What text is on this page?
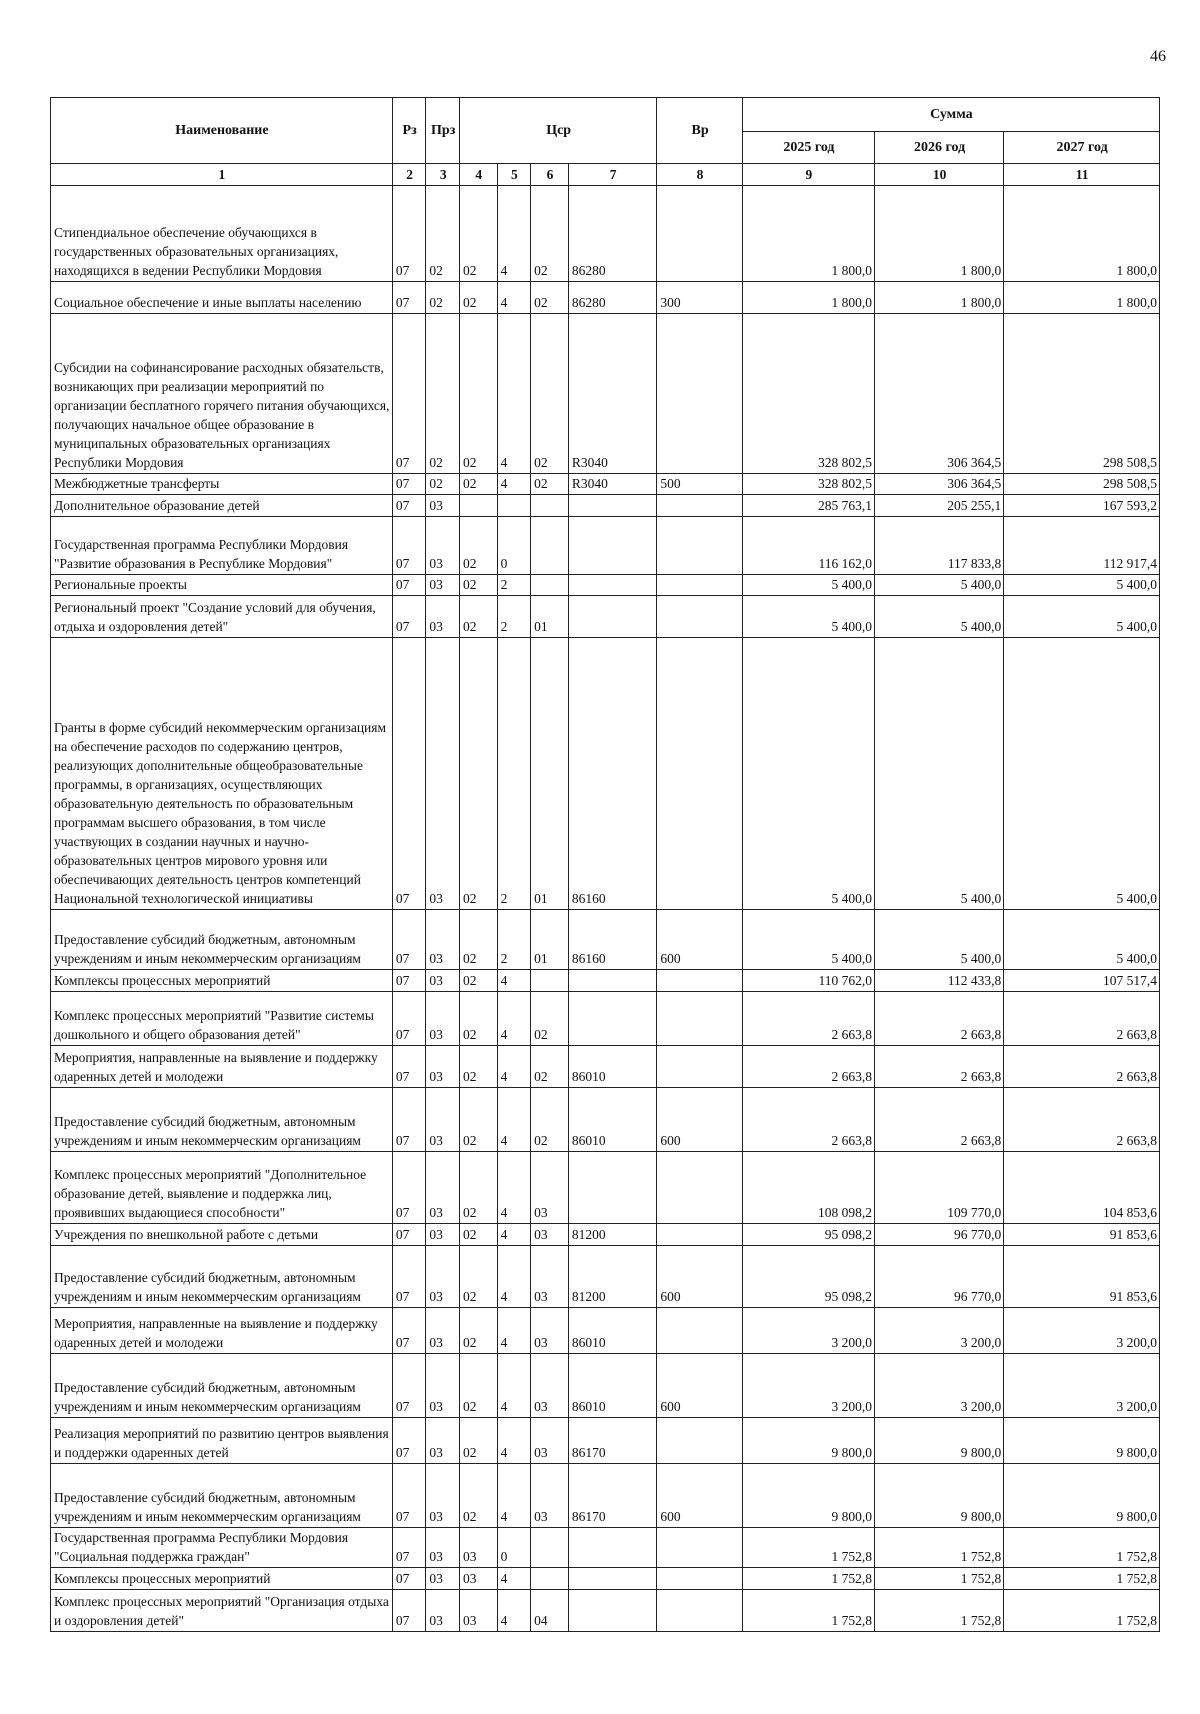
46
Наименование	Рз	Прз	Цср				Вр	Сумма		
								2025 год	2026 год	2027 год
1	2	3	4	5	6	7	8	9	10	11
Стипендиальное обеспечение обучающихся в государственных образовательных организациях, находящихся в ведении Республики Мордовия	07	02	02	4	02	86280		1 800,0	1 800,0	1 800,0
Социальное обеспечение и иные выплаты населению	07	02	02	4	02	86280	300	1 800,0	1 800,0	1 800,0
Субсидии на софинансирование расходных обязательств, возникающих при реализации мероприятий по организации бесплатного горячего питания обучающихся, получающих начальное общее образование в муниципальных образовательных организациях Республики Мордовия	07	02	02	4	02	R3040		328 802,5	306 364,5	298 508,5
Межбюджетные трансферты	07	02	02	4	02	R3040	500	328 802,5	306 364,5	298 508,5
Дополнительное образование детей	07	03						285 763,1	205 255,1	167 593,2
Государственная программа Республики Мордовия "Развитие образования в Республике Мордовия"	07	03	02	0				116 162,0	117 833,8	112 917,4
Региональные проекты	07	03	02	2				5 400,0	5 400,0	5 400,0
Региональный проект "Создание условий для обучения, отдыха и оздоровления детей"	07	03	02	2	01			5 400,0	5 400,0	5 400,0
Гранты в форме субсидий некоммерческим организациям на обеспечение расходов по содержанию центров, реализующих дополнительные общеобразовательные программы, в организациях, осуществляющих образовательную деятельность по образовательным программам высшего образования, в том числе участвующих в создании научных и научно-образовательных центров мирового уровня или обеспечивающих деятельность центров компетенций Национальной технологической инициативы	07	03	02	2	01	86160		5 400,0	5 400,0	5 400,0
Предоставление субсидий бюджетным, автономным учреждениям и иным некоммерческим организациям	07	03	02	2	01	86160	600	5 400,0	5 400,0	5 400,0
Комплексы процессных мероприятий	07	03	02	4				110 762,0	112 433,8	107 517,4
Комплекс процессных мероприятий "Развитие системы дошкольного и общего образования детей"	07	03	02	4	02			2 663,8	2 663,8	2 663,8
Мероприятия, направленные на выявление и поддержку одаренных детей и молодежи	07	03	02	4	02	86010		2 663,8	2 663,8	2 663,8
Предоставление субсидий бюджетным, автономным учреждениям и иным некоммерческим организациям	07	03	02	4	02	86010	600	2 663,8	2 663,8	2 663,8
Комплекс процессных мероприятий "Дополнительное образование детей, выявление и поддержка лиц, проявивших выдающиеся способности"	07	03	02	4	03			108 098,2	109 770,0	104 853,6
Учреждения по внешкольной работе с детьми	07	03	02	4	03	81200		95 098,2	96 770,0	91 853,6
Предоставление субсидий бюджетным, автономным учреждениям и иным некоммерческим организациям	07	03	02	4	03	81200	600	95 098,2	96 770,0	91 853,6
Мероприятия, направленные на выявление и поддержку одаренных детей и молодежи	07	03	02	4	03	86010		3 200,0	3 200,0	3 200,0
Предоставление субсидий бюджетным, автономным учреждениям и иным некоммерческим организациям	07	03	02	4	03	86010	600	3 200,0	3 200,0	3 200,0
Реализация мероприятий по развитию центров выявления и поддержки одаренных детей	07	03	02	4	03	86170		9 800,0	9 800,0	9 800,0
Предоставление субсидий бюджетным, автономным учреждениям и иным некоммерческим организациям	07	03	02	4	03	86170	600	9 800,0	9 800,0	9 800,0
Государственная программа Республики Мордовия "Социальная поддержка граждан"	07	03	03	0				1 752,8	1 752,8	1 752,8
Комплексы процессных мероприятий	07	03	03	4				1 752,8	1 752,8	1 752,8
Комплекс процессных мероприятий "Организация отдыха и оздоровления детей"	07	03	03	4	04			1 752,8	1 752,8	1 752,8
